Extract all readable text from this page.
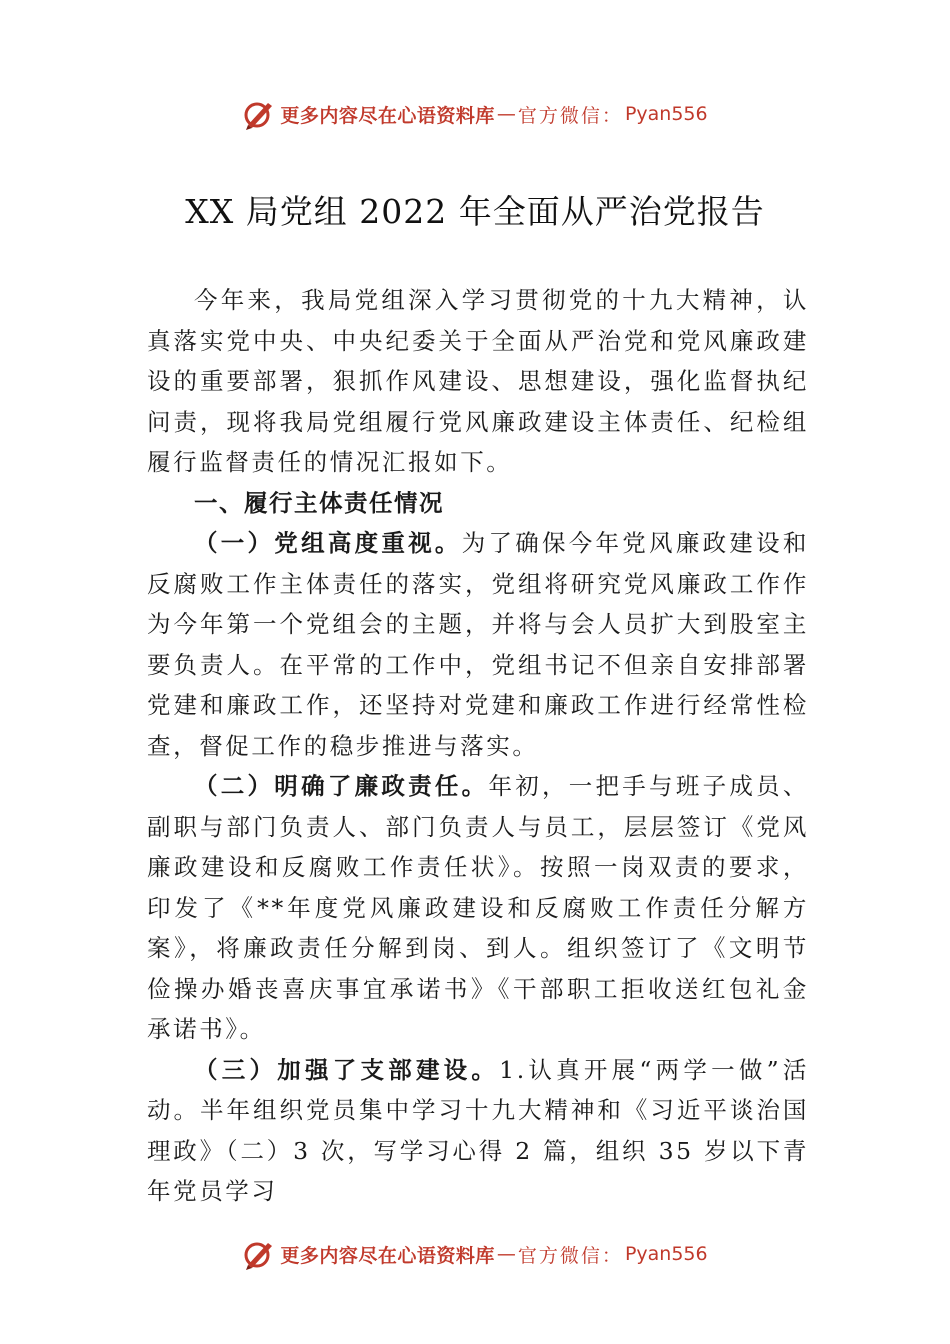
更多内容尽在心语资料库 — 官方微信： Pyan556
XX 局党组 2022 年全面从严治党报告

今年来，我局党组深入学习贯彻党的十九大精神，认真落实党中央、中央纪委关于全面从严治党和党风廉政建设的重要部署，狠抓作风建设、思想建设，强化监督执纪问责，现将我局党组履行党风廉政建设主体责任、纪检组履行监督责任的情况汇报如下。

一、履行主体责任情况

（一）党组高度重视。为了确保今年党风廉政建设和反腐败工作主体责任的落实，党组将研究党风廉政工作作为今年第一个党组会的主题，并将与会人员扩大到股室主要负责人。在平常的工作中，党组书记不但亲自安排部署党建和廉政工作，还坚持对党建和廉政工作进行经常性检查，督促工作的稳步推进与落实。

（二）明确了廉政责任。年初，一把手与班子成员、副职与部门负责人、部门负责人与员工，层层签订《党风廉政建设和反腐败工作责任状》。按照一岗双责的要求，印发了《**年度党风廉政建设和反腐败工作责任分解方案》，将廉政责任分解到岗、到人。组织签订了《文明节俭操办婚丧喜庆事宜承诺书》《干部职工拒收送红包礼金承诺书》。

（三）加强了支部建设。1.认真开展“两学一做”活动。半年组织党员集中学习十九大精神和《习近平谈治国理政》（二）3 次，写学习心得 2 篇，组织 35 岁以下青年党员学习

更多内容尽在心语资料库 — 官方微信： Pyan556
